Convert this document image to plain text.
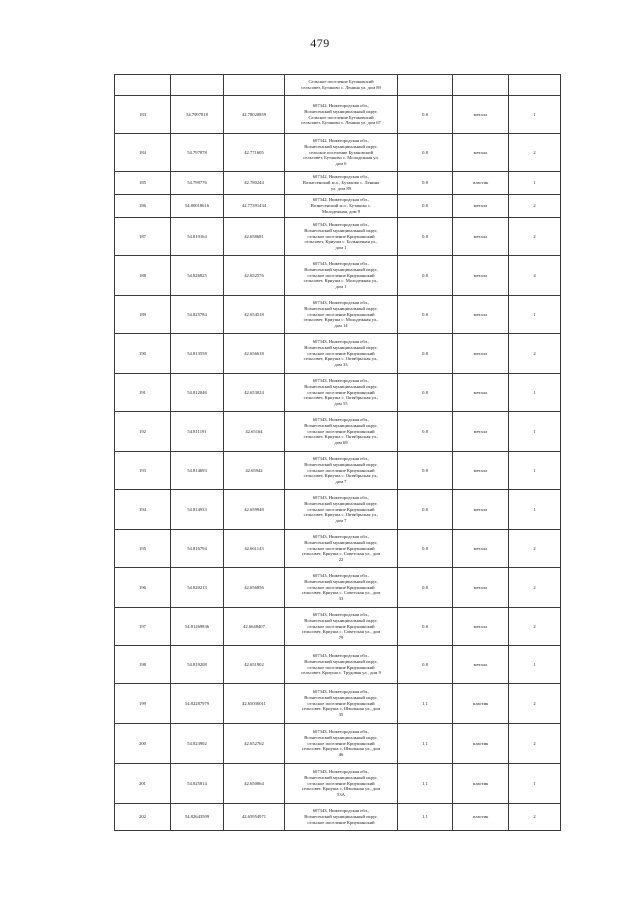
479

			Сельское поселение Бутаковский
сельсовет, Бутаково с. Ленина ул. дом 89			

183	54.7997818	42.78020859	607342, Нижегородская обл.,
Вознесенский муниципальный округ,
Сельское поселение Бутаковский
сельсовет, Бутаково с. Ленина ул. дом 67	0.8	металл	1
184	54.797878	42.771605	607342, Нижегородская обл.,
Вознесенский муниципальный округ,
сельское поселение Бутаковский
сельсовет, Бутаково с. Молодежная ул.
дом 6	0.8	металл	2
185	54.799776	42.780244	607342, Нижегородская обл.,
Вознесенский м.о., Бутаково с. Ленина
ул. дом 89	0.8	пластик	1
186	54.80018616	42.77391434	607342, Нижегородская обл.,
Вознесенский м.о., Бутаково с.
Молодежная, дом 9	0.8	металл	2
187	54.819164	42.658681	607343, Нижегородская обл.,
Вознесенский муниципальный округ,
сельское поселение Криушинский
сельсовет, Криуша с. Больничная ул.,
дом 1	0.8	металл	2
188	54.826825	42.652576	607343, Нижегородская обл.,
Вознесенский муниципальный округ,
сельское поселение Криушинский
сельсовет, Криуша с. Молодежная ул.,
дом 1	0.8	металл	4
189	54.825784	42.654518	607343, Нижегородская обл.,
Вознесенский муниципальный округ,
сельское поселение Криушинский
сельсовет, Криуша с. Молодежная ул.,
дом 14	0.8	металл	1
190	54.813558	42.656618	607343, Нижегородская обл.,
Вознесенский муниципальный округ,
сельское поселение Криушинский
сельсовет, Криуша с. Октябрьская ул.,
дом 33	0.8	металл	2
191	54.812046	42.653024	607343, Нижегородская обл.,
Вознесенский муниципальный округ,
сельское поселение Криушинский
сельсовет, Криуша с. Октябрьская ул.,
дом 55	0.8	металл	1
192	54.811191	42.65164	607343, Нижегородская обл.,
Вознесенский муниципальный округ,
сельское поселение Криушинский
сельсовет, Криуша с. Октябрьская ул.,
дом 69	0.8	металл	1
193	54.814693	42.65942	607343, Нижегородская обл.,
Вознесенский муниципальный округ,
сельское поселение Криушинский
сельсовет, Криуша с. Октябрьская ул.,
дом 7	0.8	металл	1
194	54.814933	42.659948	607343, Нижегородская обл.,
Вознесенский муниципальный округ,
сельское поселение Криушинский
сельсовет, Криуша с. Октябрьская ул.,
дом 7	0.8	металл	1
195	54.816794	42.661143	607343, Нижегородская обл.,
Вознесенский муниципальный округ,
сельское поселение Криушинский
сельсовет, Криуша с. Советская ул., дом
22	0.8	металл	2
196	54.820213	42.656856	607343, Нижегородская обл.,
Вознесенский муниципальный округ,
сельское поселение Криушинский
сельсовет, Криуша с. Советская ул., дом
33	0.8	металл	2
197	54.81269836	42.6648407	607343, Нижегородская обл.,
Вознесенский муниципальный округ,
сельское поселение Криушинский
сельсовет, Криуша с. Советская ул., дом
79	0.8	металл	2
198	54.819208	42.651902	607343, Нижегородская обл.,
Вознесенский муниципальный округ,
сельское поселение Криушинский
сельсовет, Криуша с. Трудовая ул., дом 9	0.8	металл	1
199	54.82287979	42.65036011	607343, Нижегородская обл.,
Вознесенский муниципальный округ,
сельское поселение Криушинский
сельсовет, Криуша с. Школьная ул., дом
35	1.1	пластик	2
200	54.823902	42.652762	607343, Нижегородская обл.,
Вознесенский муниципальный округ,
сельское поселение Криушинский
сельсовет, Криуша с. Школьная ул., дом
46	1.1	пластик	2
201	54.825814	42.650064	607343, Нижегородская обл.,
Вознесенский муниципальный округ,
сельское поселение Криушинский
сельсовет, Криуша с. Школьная ул., дом
53А	1.1	пластик	1
202	54.82643509	42.65954971	607343, Нижегородская обл.,
Вознесенский муниципальный округ,
сельское поселение Криушинский	1.1	пластик	2
